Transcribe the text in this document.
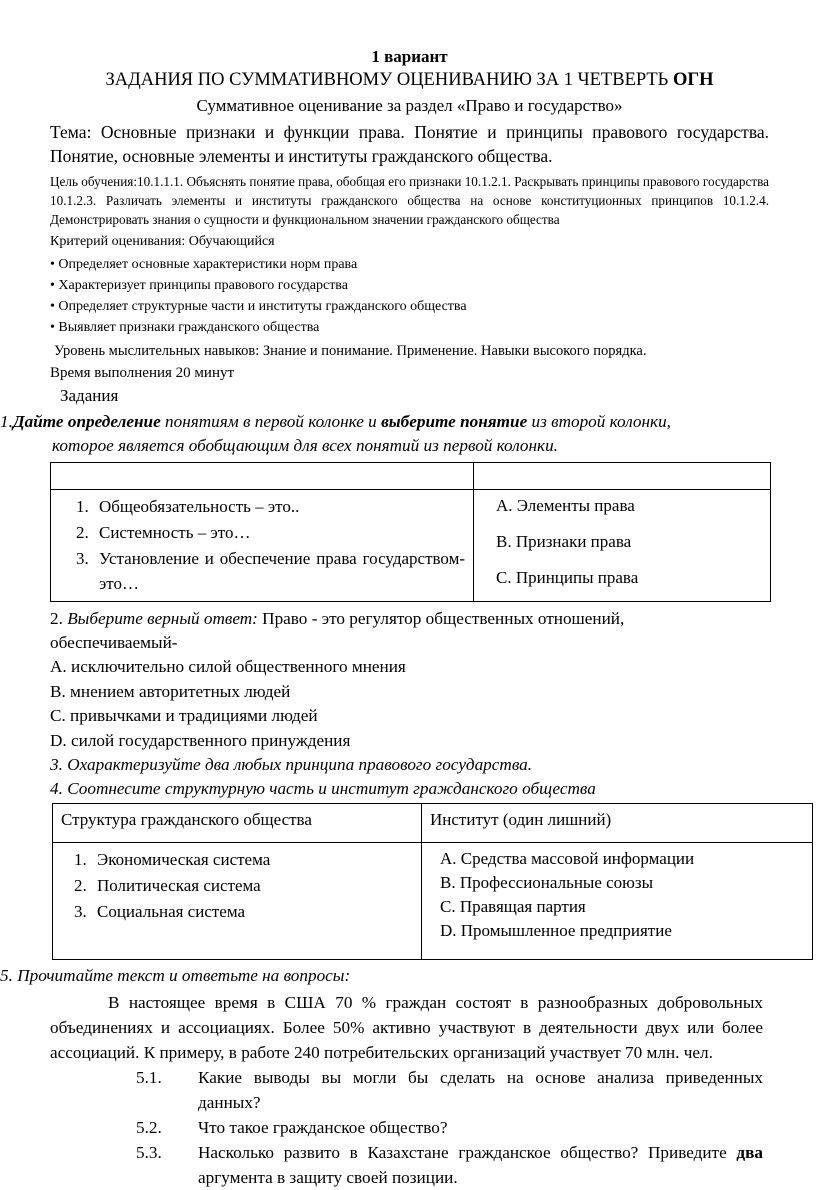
1 вариант

ЗАДАНИЯ ПО СУММАТИВНОМУ ОЦЕНИВАНИЮ ЗА 1 ЧЕТВЕРТЬ ОГН

Суммативное оценивание за раздел «Право и государство»

Тема: Основные признаки и функции права. Понятие и принципы правового государства. Понятие, основные элементы и институты гражданского общества.

Цель обучения:10.1.1.1. Объяснять понятие права, обобщая его признаки 10.1.2.1. Раскрывать принципы правового государства 10.1.2.3. Различать элементы и институты гражданского общества на основе конституционных принципов 10.1.2.4. Демонстрировать знания о сущности и функциональном значении гражданского общества

Критерий оценивания: Обучающийся

• Определяет основные характеристики норм права

• Характеризует принципы правового государства

• Определяет структурные части и институты гражданского общества

• Выявляет признаки гражданского общества

Уровень мыслительных навыков: Знание и понимание. Применение. Навыки высокого порядка.

Время выполнения 20 минут

Задания

1.Дайте определение понятиям в первой колонке и выберите понятие из второй колонки,
которое является обобщающим для всех понятий из первой колонки.

1. Общеобязательность – это..
2. Системность – это…
3. Установление и обеспечение права государством- это…

A. Элементы права
B. Признаки права
C. Принципы права

2. Выберите верный ответ: Право - это регулятор общественных отношений,

обеспечиваемый-

A. исключительно силой общественного мнения

B. мнением авторитетных людей

C. привычками и традициями людей

D. силой государственного принуждения

3. Охарактеризуйте два любых принципа правового государства.

4. Соотнесите структурную часть и институт гражданского общества

Структура гражданского общества	Институт (один лишний)

1. Экономическая система
2. Политическая система
3. Социальная система

A. Средства массовой информации
B. Профессиональные союзы
C. Правящая партия
D. Промышленное предприятие

5. Прочитайте текст и ответьте на вопросы:

В настоящее время в США 70 % граждан состоят в разнообразных добровольных объединениях и ассоциациях. Более 50% активно участвуют в деятельности двух или более ассоциаций. К примеру, в работе 240 потребительских организаций участвует 70 млн. чел.

5.1.	Какие выводы вы могли бы сделать на основе анализа приведенных данных?

5.2.	Что такое гражданское общество?

5.3.	Насколько развито в Казахстане гражданское общество? Приведите два аргумента в защиту своей позиции.
